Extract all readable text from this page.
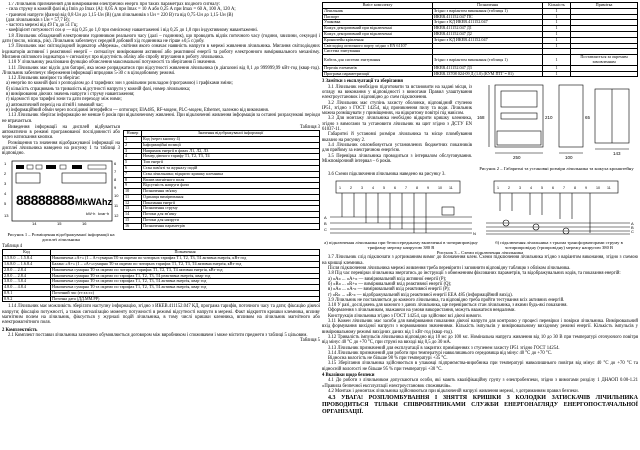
1.7 Лічильник призначений для вимірювання електричної енергії при таких параметрах вхідного сигналу:

- сила струму в кожній фазі від Imin до Imax (А): 0,05 А при Imax = 10 А або 0,25 А при Imax = 60 А, 100 А, 120 А;

- граничні напруги (фазна) від 0,8·Uн до 1,15·Uн (В) (для лічильників з Uн = 220 В) та від 0,75·Uн до 1,15·Uн (В)

(для лічильників з Uн = 57,7 В);

- частота мережі від 49 Гц до 51 Гц;

- коефіцієнт потужності cos φ — від 0,25 до 1,0 при ємнісному навантаженні і від 0,25 до 1,0 при індуктивному навантаженні.

1.8 Лічильник обладнаний електронним годинником реального часу (далі – годинник), що проводить відлік поточного часу (години, хвилини, секунди) і дати (число, місяць, рік). Лічильник забезпечує середній добовий хід годинника не гірше ±0,5 с/добу.

1.9 Лічильник має світлодіодний індикатор «Мережа», світіння якого означає наявність напруги в мережі живлення лічильника. Мигання світлодіодних індикаторів активної і реактивної енергії – сигналізує вимірювання активної або реактивної енергії та роботу електронного вимірювального механізму. Мигання світлового індикатора ≈ сигналізує про відсутність обліку або спробу втручання в роботу лічильника.

1.10 У лічильнику реалізовано функцію обчислення максимальної потужності та зберігання її значення.

1.11 Лічильник має відсік для батареї, яка може розряджатися при відсутності живлення лічильника (в діапазоні від 0,1 до 999999,99 кВт·год (квар·год). Лічильник забезпечує збереження інформації впродовж 5-30 с в цілодобовому режимі.

1.12 Лічильник вимірює та зберігає:

а) енергію по кожній фазі з розподілом до 4 тарифних зон з довільним розкладом (програмою) і графіками зміни;

б) кількість спрацювань та тривалість відсутності напруги у кожній фазі, номер лічильника;

в) вимірювання діючих значень напруги і струму навантаження;

г) відомості про тарифні зони та дати переходу між ними;

д) автоматичний перехід на літній і зимовий час;

е) інформаційний обмін через послідовні інтерфейси — оптопорт, EIA485, RF-модем, PLC-модем, Ethernet, залежно від виконання.

1.13 Лічильник зберігає інформацію не менше 6 років при відключеному живленні. При відключенні живлення інформація за останні розрахункові періоди не втрачається.

Виведення інформації на дисплей відбувається автоматично в режимі програмованої послідовності або через натискання кнопки.

Розміщення та значення відображуваної інформації на дисплеї лічильника наведено на рисунку 1 та таблиці 3 відповідно.

88888888 MkWAhz
kW·h kvar·h
1
2
3
4
5
13
6
7
8
9
10
11
12
14	15	16
Рисунок 1 – Розміщення відображуваної інформації на дисплеї лічильника
Таблиця 3
Номер	Значення відображуваної інформації
1	Код (через кнопку 4)
2	Інформаційні позиції
3	Напрямок енергії в фазах Л1, Л2, Л3
4	Номер діючого тарифу Т1, Т2, Т3, Т4
5	Тип енергії
6	Стан пам'яті та журналу подій
7	Стан лічильника; відкрито кришку клемника
8	Вплив магнітного поля
9	Відсутність напруги фази
10	Позначення зв'язку
11	Одиниця вимірювання
12	Показання енергії
13	Позначення струму
14	Потоки для зв'язку
15	Потоки для напруги
16	Позначення параметрів
Таблиця 4
Код	Позначення
1.5.8.0 ... 1.5.8.4	Накопичена «А+» (1 – А+сумарна Т0 та окремо по чотирьох тарифах Т1, Т2, Т3, Т4 активна енергія, кВт·год
1.6.8.0 ... 1.6.8.4	Баланс «А+» (1 – «А+»сумарна Т0 та окремо по чотирьох тарифах Т1, Т2, Т3, Т4 активна енергія, кВт·год
2.8.0 ... 2.8.4	Накопичена сумарна Т0 та окремо по чотирьох тарифах Т1, Т2, Т3, Т4 активна енергія, кВт·год
2.8.0 ... 2.8.4	Накопичена сумарна Т0 та окремо по тарифах Т1, Т2, Т3, Т4 реактивна енергія, квар·год
3.8.0 ... 3.8.4	Накопичена сумарна Т0 та окремо по тарифах Т1, Т2, Т3, Т4 активна енергія, квар·год
4.8.0 ... 4.8.4	Накопичена сумарна Т0 та окремо по тарифах Т1, Т2, Т3, Т4 активна енергія, квар·год
0.9.1	Поточний час (гг:хх:сс)
0.9.2	Поточна дата (ДД.ММ.РР)

1.14 Лічильник має можливість зберігати наступну інформацію, згідно з ИКЕВ.411152.047 КД, програма тарифів, поточного часу та дати; фіксацію діючої напруги; фіксацію потужності, а також сигналізацію моменту потужності в режимі відсутності напруги в мережі. Факт відкриття кришки клемника, впливу магнітним полем на лічильник, фіксується у журналі подій лічильника, в тому числі кришки клемника, впливом на лічильник магнітного або електромагнітного поля.

2 Комплектність

2.1 Комплект поставки лічильника зазначено обумовлюється договором між виробником і споживачем і може містити предмети з таблиці 5 цільовим.

Таблиця 5

Вміст комплекту	Позначення	Кількість	Примітка
Лічильник	Згідно з варіантом виконання (таблиця 1)	1	
Паспорт	ИКЕВ.411152.047 ПС	1	
Упаковка	Згідно з КД ИКЕВ.411152.047	1	
Кожух декоративний при відключенні	ИКЕВ.411152.047 Д1	1	
Кожух декоративний при відключенні	ИКЕВ.411152.047 Д2	1	
Кронштейн кріплення	Згідно з КД ИКЕВ.411152.047	1	
Світлодіод оптичного порту згідно з EN 61107		1	
Система зчитування			
Кабель для системи зчитування	Згідно з варіантом виконання (таблиця 1)	1	Поставляється за окремим замовленням
Перелік елементів	ИКЕВ.411152.047 Д3	1	
Програма параметризації	ИКЕВ.13708 024-09 Д (1.0) (КУМ ПТГ = 01)	1	

3 Замітки з експлуатації та зберігання

3.1 Лічильник необхідно підготовити та встановити на задані місця, із огляду на виконання у відповідності з вимогами Правил улаштування електроустановок і відповідно до схем підключення.

3.2 Лічильник має ступінь захисту оболонки, відповідний ступеню IP51, згідно з ГОСТ 14254, від проникнення пилу та води. Лічильник можна розміщувати у приміщеннях, на відкритому повітрі під навісом.

3.3 Для монтажу лічильника необхідно відкрити кришку клемника, згідно з вимогами та установити лічильник на щит згідно з ДСТУ EN 61037-11.

Габаритні й установчі розміри лічильника та місце пломбування вказано на рисунку 2.

3.4 Лічильник опломбовується установлених бюджетних показників для прийому за електричною енергією.

3.5 Перевірка лічильника проводиться з інтервалом обслуговування. Міжповірочний інтервал – 6 років.

168
250
210
100
143
65
Рисунок 2 – Габаритні та установні розміри лічильника та кожуха кронштейну

3.6 Схеми підключення лічильника наведено на рисунку 3.

1	2	3	4	5	6	7	8	9	10 11
A
B
C
N
а) підключення лічильника при безпосередньому включенні в чотирипровідну трифазну мережу напругою 380 В
1	2	3	4	5	6	7	8	9	10 11
A
B
C
б) підключення лічильника з трьома трансформаторами струму в чотирипровідну (трипровідну) мережу напругою 380 В
Рисунок 3 – Схеми підключення лічильника

3.7 Лічильник слід підключати з дотриманням вимог до позначення клем. Схеми підключення лічильника згідно з варіантом виконання, згідно з схемою на кришці клемника.

Після підключення лічильника мережі живлення треба перевірити і заповнити відповідну таблицю з обліком лічильника.

3.8 Під час перевірки лічильника звертатись до інструкції з обмеженням фіксованих параметрів, та відображувальних кодів, та показання енергій:

а) «A» ... «A+» — вимірювальний вхід активної енергії (Р);

б) «R» ... «R+» — вимірювальний вхід реактивної енергії (Q);

в) «A» ... «A-» — вимірювальний вхід реактивної енергії (Р);

г) «R» ... «R-» — відображувальний вхід реактивної енергії ЕЕА 485 (інформаційний вихід).

3.9 Лічильник не поставляється до кожного лічильника, та відповідно треба пройти тестування всіх активних енергій.

3.10 У разі, досліджень для кожного з даних лічильника, ще перевіряється стан лічильника, з якими будь-які показання.

Оформлення з лічильником, зважаючи на умови використання, можуть вважатися невдалими.

Конструкція лічильника згідно з ГОСТ 14254, що здійснює всі діючі вимоги.

3.11 Кожен лічильник має засоби для вимірювання показання діючої напруги для контролю у процесі перевірки і повірки лічильника. Вимірювальний вхід формування вихідної напруги з нормованими значеннями. Кількість імпульсів у вимірювальному вихідному режимі енергії. Кількість імпульсів у вимірювальному режимі вихідних даних від 1 кВт·год (квар·год).

3.12 Тривалість імпульсів лічильника відповідно від 10 мс до 100 мс. Номінальна напруга живлення від 10 до 30 В при температурі оточуючого повітря від мінус 40 °С до +70 °С, при струмі на виході від 0,5 до 30 мА.

3.13 Лічильник призначений для експлуатації в закритих приміщеннях з ступенем захисту IP51 згідно ГОСТ 14254.

3.14 Лічильник призначений для роботи при температурі навколишнього середовища від мінус 40 °С до +70 °С.

Відносна вологість не більше 98 % при температурі +35 °С.

3.15 Зберігання лічильника здійснюється в упаковці підприємства-виробника при температурі навколишнього повітря від мінус 40 °С до +70 °С та відносній вологості не більше 95 % при температурі +30 °С.

4 Вказівки щодо безпеки

4.1 До роботи з лічильником допускаються особи, які мають кваліфікаційну групу з електробезпеки, згідно з вимогами розділу 1 ДНАОП 0.00-1.21 «Правила безпечної експлуатації електроустановок споживачів».

4.2 Монтаж і демонтаж лічильника здійснюються при відключеній напрузі живлення мережі, з дотриманням правил безпеки.

4.3 УВАГА! РОЗПЛОМБУВАННЯ І ЗНЯТТЯ КРИШКИ З КОЛОДКИ ЗАТИСКАЧІВ ЛІЧИЛЬНИКА ПРОВОДИТЬСЯ ТІЛЬКИ СПІВРОБІТНИКАМИ СЛУЖБИ ЕНЕРГОНАГЛЯДУ ЕНЕРГОПОСТАЧАЛЬНОЇ ОРГАНІЗАЦІЇ.
